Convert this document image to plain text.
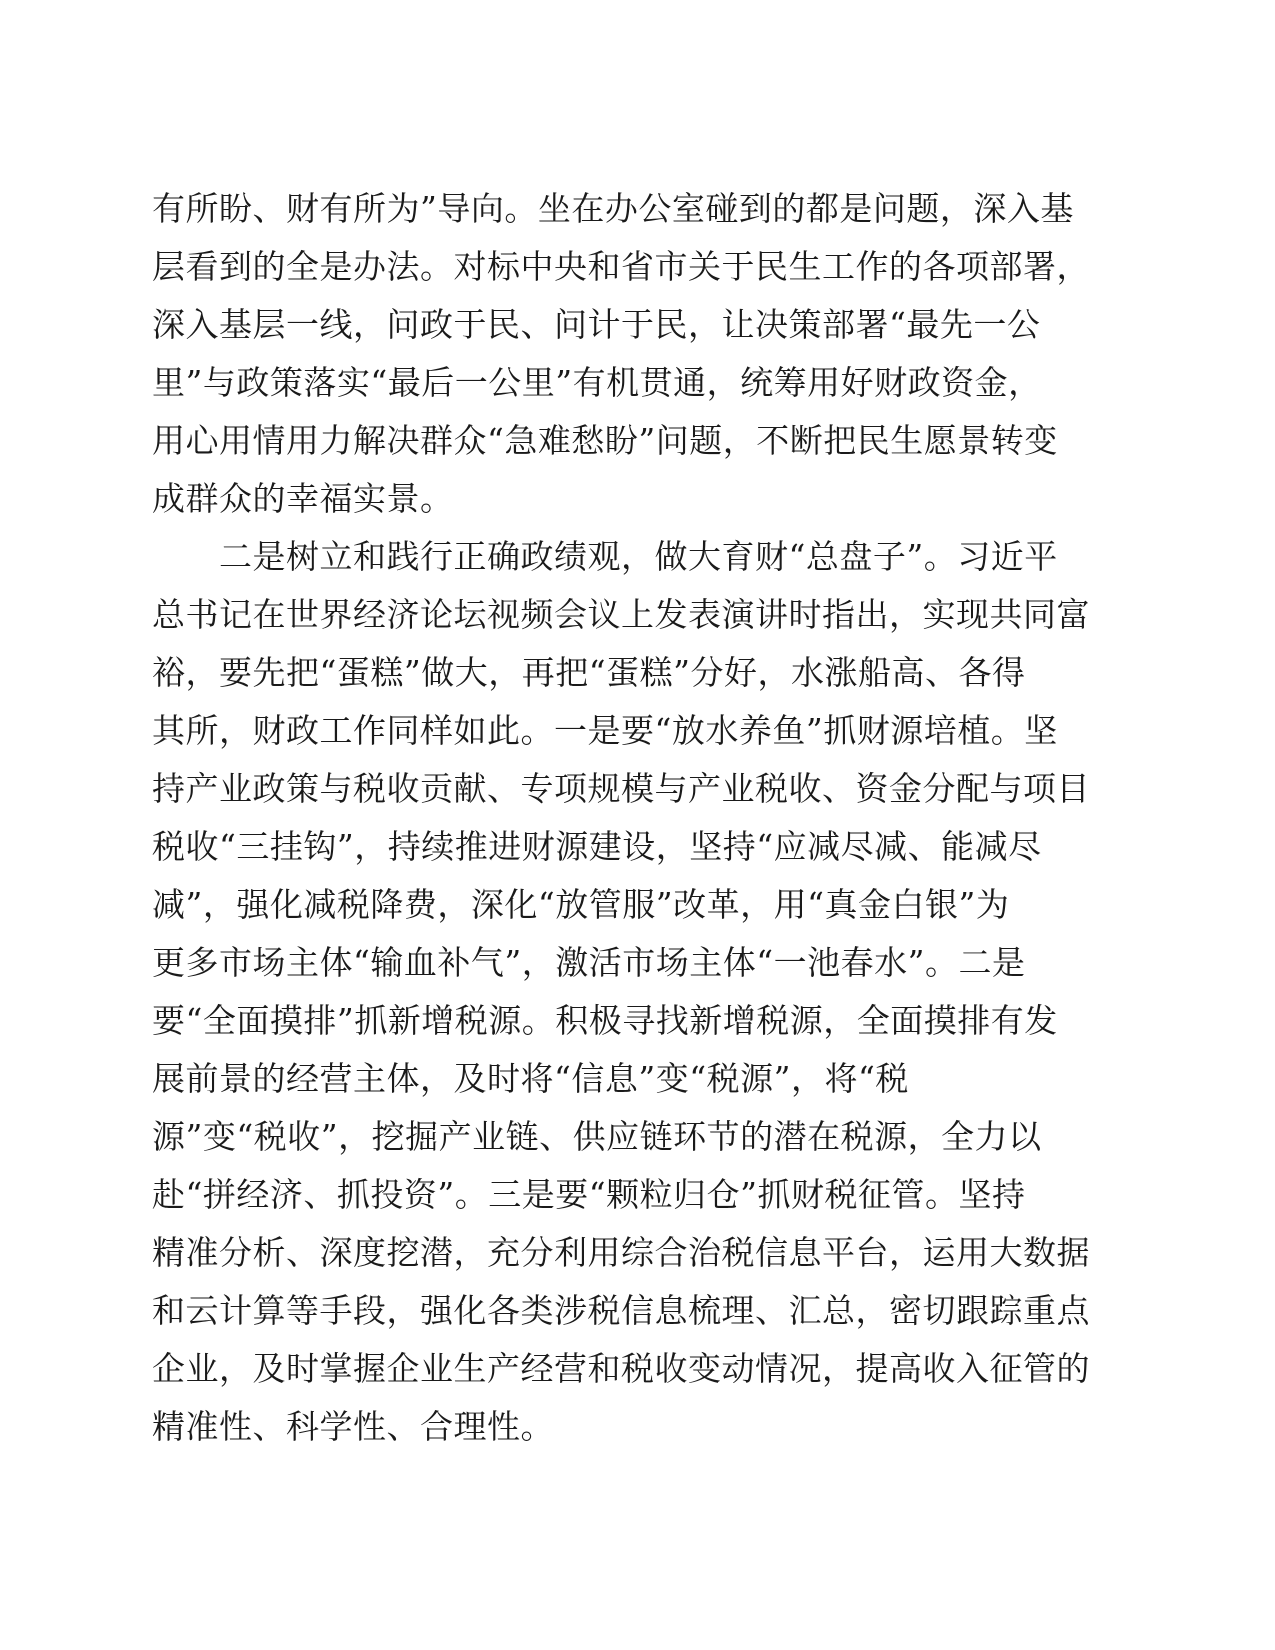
有所盼、财有所为”导向。坐在办公室碰到的都是问题，深入基
层看到的全是办法。对标中央和省市关于民生工作的各项部署，
深入基层一线，问政于民、问计于民，让决策部署“最先一公
里”与政策落实“最后一公里”有机贯通，统筹用好财政资金，
用心用情用力解决群众“急难愁盼”问题，不断把民生愿景转变
成群众的幸福实景。
　　二是树立和践行正确政绩观，做大育财“总盘子”。习近平
总书记在世界经济论坛视频会议上发表演讲时指出，实现共同富
裕，要先把“蛋糕”做大，再把“蛋糕”分好，水涨船高、各得
其所，财政工作同样如此。一是要“放水养鱼”抓财源培植。坚
持产业政策与税收贡献、专项规模与产业税收、资金分配与项目
税收“三挂钩”，持续推进财源建设，坚持“应减尽减、能减尽
减”，强化减税降费，深化“放管服”改革，用“真金白银”为
更多市场主体“输血补气”，激活市场主体“一池春水”。二是
要“全面摸排”抓新增税源。积极寻找新增税源，全面摸排有发
展前景的经营主体，及时将“信息”变“税源”，将“税
源”变“税收”，挖掘产业链、供应链环节的潜在税源，全力以
赴“拼经济、抓投资”。三是要“颗粒归仓”抓财税征管。坚持
精准分析、深度挖潜，充分利用综合治税信息平台，运用大数据
和云计算等手段，强化各类涉税信息梳理、汇总，密切跟踪重点
企业，及时掌握企业生产经营和税收变动情况，提高收入征管的
精准性、科学性、合理性。
